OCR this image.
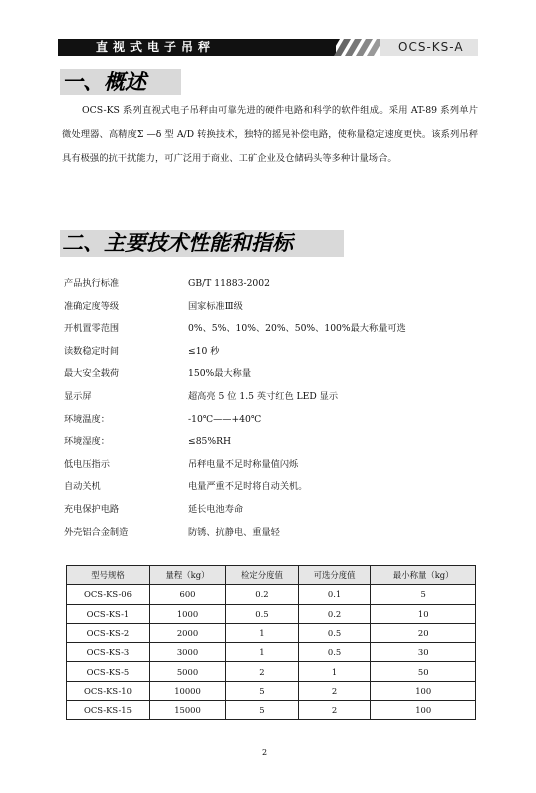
直视式电子吊秤	OCS-KS-A
一、概述

OCS-KS 系列直视式电子吊秤由可靠先进的硬件电路和科学的软件组成。采用 AT-89 系列单片微处理器、高精度Σ —δ 型 A/D 转换技术，独特的摇晃补偿电路，使称量稳定速度更快。该系列吊秤具有极强的抗干扰能力，可广泛用于商业、工矿企业及仓储码头等多种计量场合。

二、主要技术性能和指标
产品执行标准	GB/T 11883-2002
准确定度等级	国家标准Ⅲ级
开机置零范围	0%、5%、10%、20%、50%、100%最大称量可选
读数稳定时间	≤10 秒
最大安全载荷	150%最大称量
显示屏	超高亮 5 位 1.5 英寸红色 LED 显示
环境温度：	-10℃——+40℃
环境湿度：	≤85%RH
低电压指示	吊秤电量不足时称量值闪烁
自动关机	电量严重不足时将自动关机。
充电保护电路	延长电池寿命
外壳铝合金制造	防锈、抗静电、重量轻
型号规格	量程（kg）	检定分度值	可选分度值	最小称量（kg）
OCS-KS-06	600	0.2	0.1	5
OCS-KS-1	1000	0.5	0.2	10
OCS-KS-2	2000	1	0.5	20
OCS-KS-3	3000	1	0.5	30
OCS-KS-5	5000	2	1	50
OCS-KS-10	10000	5	2	100
OCS-KS-15	15000	5	2	100
2
